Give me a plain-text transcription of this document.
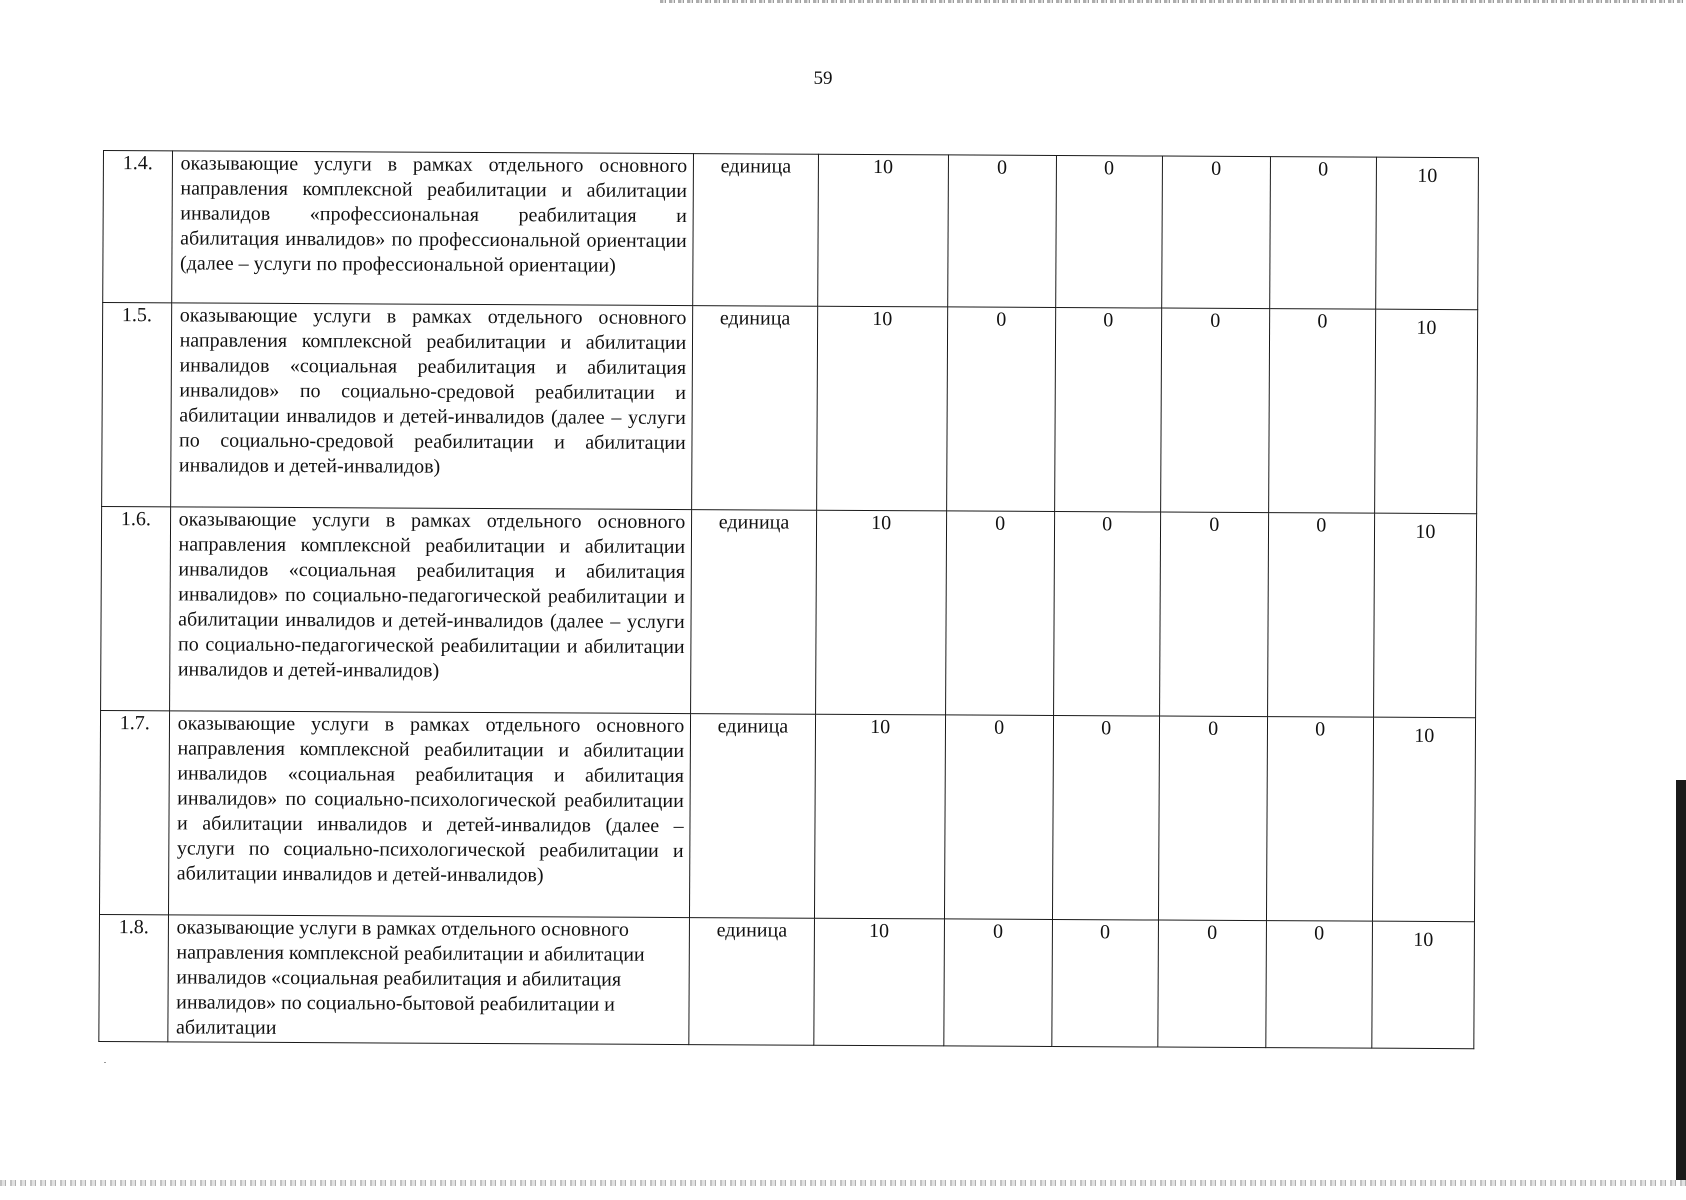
59
1.4.	оказывающие услуги в рамках отдельного основного направления комплексной реабилитации и абилитации инвалидов «профессиональная реабилитация и абилитация инвалидов» по профессиональной ориентации (далее – услуги по профессиональной ориентации)	единица	10	0	0	0	0	10
1.5.	оказывающие услуги в рамках отдельного основного направления комплексной реабилитации и абилитации инвалидов «социальная реабилитация и абилитация инвалидов» по социально-средовой реабилитации и абилитации инвалидов и детей-инвалидов (далее – услуги по социально-средовой реабилитации и абилитации инвалидов и детей-инвалидов)	единица	10	0	0	0	0	10
1.6.	оказывающие услуги в рамках отдельного основного направления комплексной реабилитации и абилитации инвалидов «социальная реабилитация и абилитация инвалидов» по социально-педагогической реабилитации и абилитации инвалидов и детей-инвалидов (далее – услуги по социально-педагогической реабилитации и абилитации инвалидов и детей-инвалидов)	единица	10	0	0	0	0	10
1.7.	оказывающие услуги в рамках отдельного основного направления комплексной реабилитации и абилитации инвалидов «социальная реабилитация и абилитация инвалидов» по социально-психологической реабилитации и абилитации инвалидов и детей-инвалидов (далее – услуги по социально-психологической реабилитации и абилитации инвалидов и детей-инвалидов)	единица	10	0	0	0	0	10
1.8.	оказывающие услуги в рамках отдельного основного направления комплексной реабилитации и абилитации инвалидов «социальная реабилитация и абилитация инвалидов» по социально-бытовой реабилитации и абилитации	единица	10	0	0	0	0	10
